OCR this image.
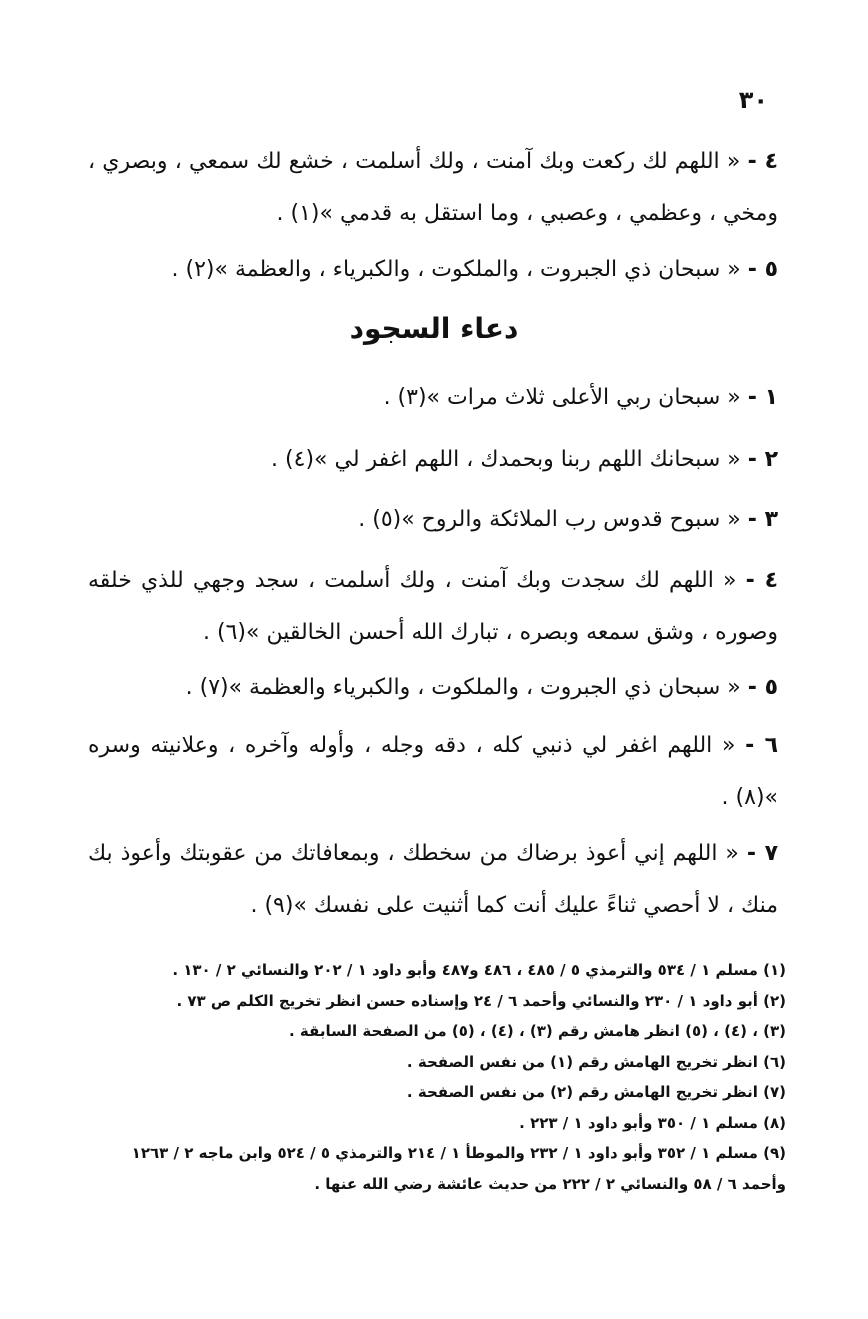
٣٠
٤ - « اللهم لك ركعت وبك آمنت ، ولك أسلمت ، خشع لك سمعي ، وبصري ، ومخي ، وعظمي ، وعصبي ، وما استقل به قدمي »(١) .
٥ - « سبحان ذي الجبروت ، والملكوت ، والكبرياء ، والعظمة »(٢) .
دعاء السجود
١ - « سبحان ربي الأعلى ثلاث مرات »(٣) .
٢ - « سبحانك اللهم ربنا وبحمدك ، اللهم اغفر لي »(٤) .
٣ - « سبوح قدوس رب الملائكة والروح »(٥) .
٤ - « اللهم لك سجدت وبك آمنت ، ولك أسلمت ، سجد وجهي للذي خلقه وصوره ، وشق سمعه وبصره ، تبارك الله أحسن الخالقين »(٦) .
٥ - « سبحان ذي الجبروت ، والملكوت ، والكبرياء والعظمة »(٧) .
٦ - « اللهم اغفر لي ذنبي كله ، دقه وجله ، وأوله وآخره ، وعلانيته وسره »(٨) .
٧ - « اللهم إني أعوذ برضاك من سخطك ، وبمعافاتك من عقوبتك وأعوذ بك منك ، لا أحصي ثناءً عليك أنت كما أثنيت على نفسك »(٩) .
(١) مسلم ١ / ٥٣٤ والترمذي ٥ / ٤٨٥ ، ٤٨٦ و٤٨٧ وأبو داود ١ / ٢٠٢ والنسائي ٢ / ١٣٠ .
(٢) أبو داود ١ / ٢٣٠ والنسائي وأحمد ٦ / ٢٤ وإسناده حسن انظر تخريج الكلم ص ٧٣ .
(٣) ، (٤) ، (٥) انظر هامش رقم (٣) ، (٤) ، (٥) من الصفحة السابقة .
(٦) انظر تخريج الهامش رقم (١) من نفس الصفحة .
(٧) انظر تخريج الهامش رقم (٢) من نفس الصفحة .
(٨) مسلم ١ / ٣٥٠ وأبو داود ١ / ٢٢٣ .
(٩) مسلم ١ / ٣٥٢ وأبو داود ١ / ٢٣٢ والموطأ ١ / ٢١٤ والترمذي ٥ / ٥٢٤ وابن ماجه ٢ / ١٢٦٣ وأحمد ٦ / ٥٨ والنسائي ٢ / ٢٢٢ من حديث عائشة رضي الله عنها .
